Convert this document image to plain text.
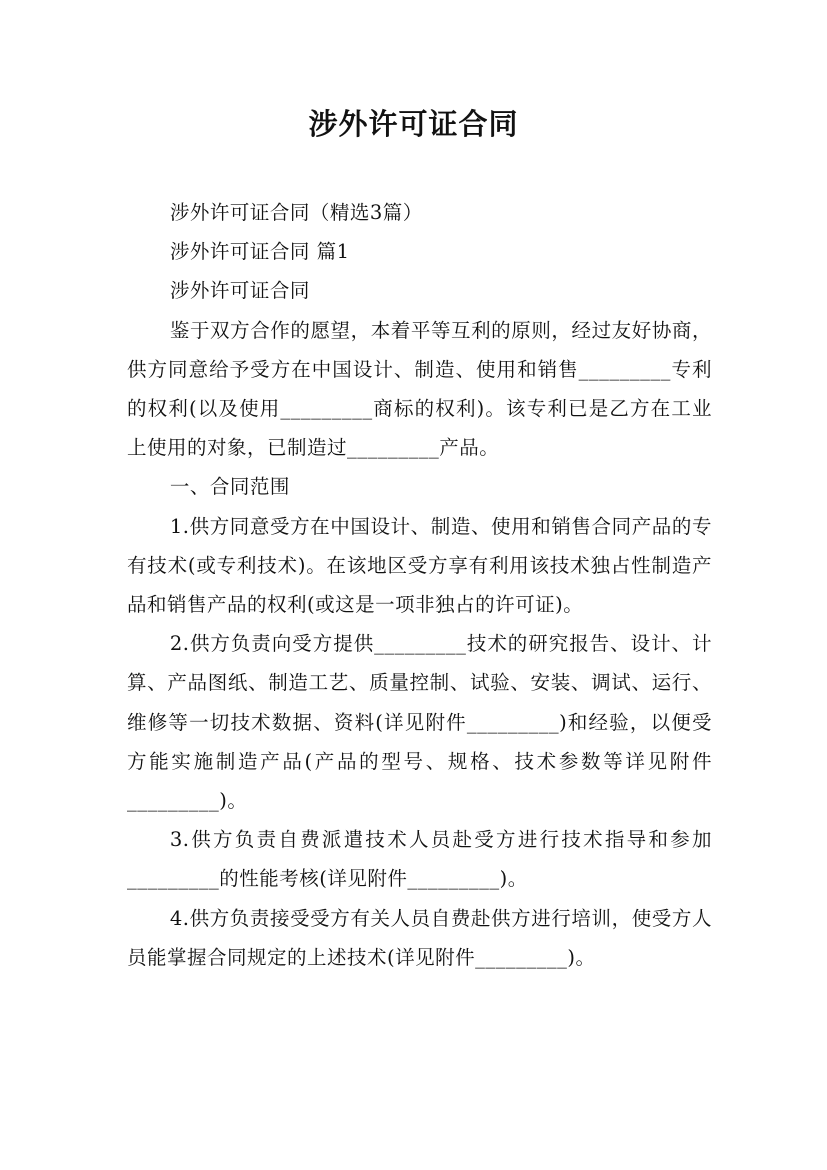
涉外许可证合同

涉外许可证合同（精选3篇）

涉外许可证合同 篇1

涉外许可证合同

鉴于双方合作的愿望，本着平等互利的原则，经过友好协商，供方同意给予受方在中国设计、制造、使用和销售_________专利的权利(以及使用_________商标的权利)。该专利已是乙方在工业上使用的对象，已制造过_________产品。

一、合同范围

1.供方同意受方在中国设计、制造、使用和销售合同产品的专有技术(或专利技术)。在该地区受方享有利用该技术独占性制造产品和销售产品的权利(或这是一项非独占的许可证)。

2.供方负责向受方提供_________技术的研究报告、设计、计算、产品图纸、制造工艺、质量控制、试验、安装、调试、运行、维修等一切技术数据、资料(详见附件_________)和经验，以便受方能实施制造产品(产品的型号、规格、技术参数等详见附件_________)。

3.供方负责自费派遣技术人员赴受方进行技术指导和参加_________的性能考核(详见附件_________)。

4.供方负责接受受方有关人员自费赴供方进行培训，使受方人员能掌握合同规定的上述技术(详见附件_________)。
